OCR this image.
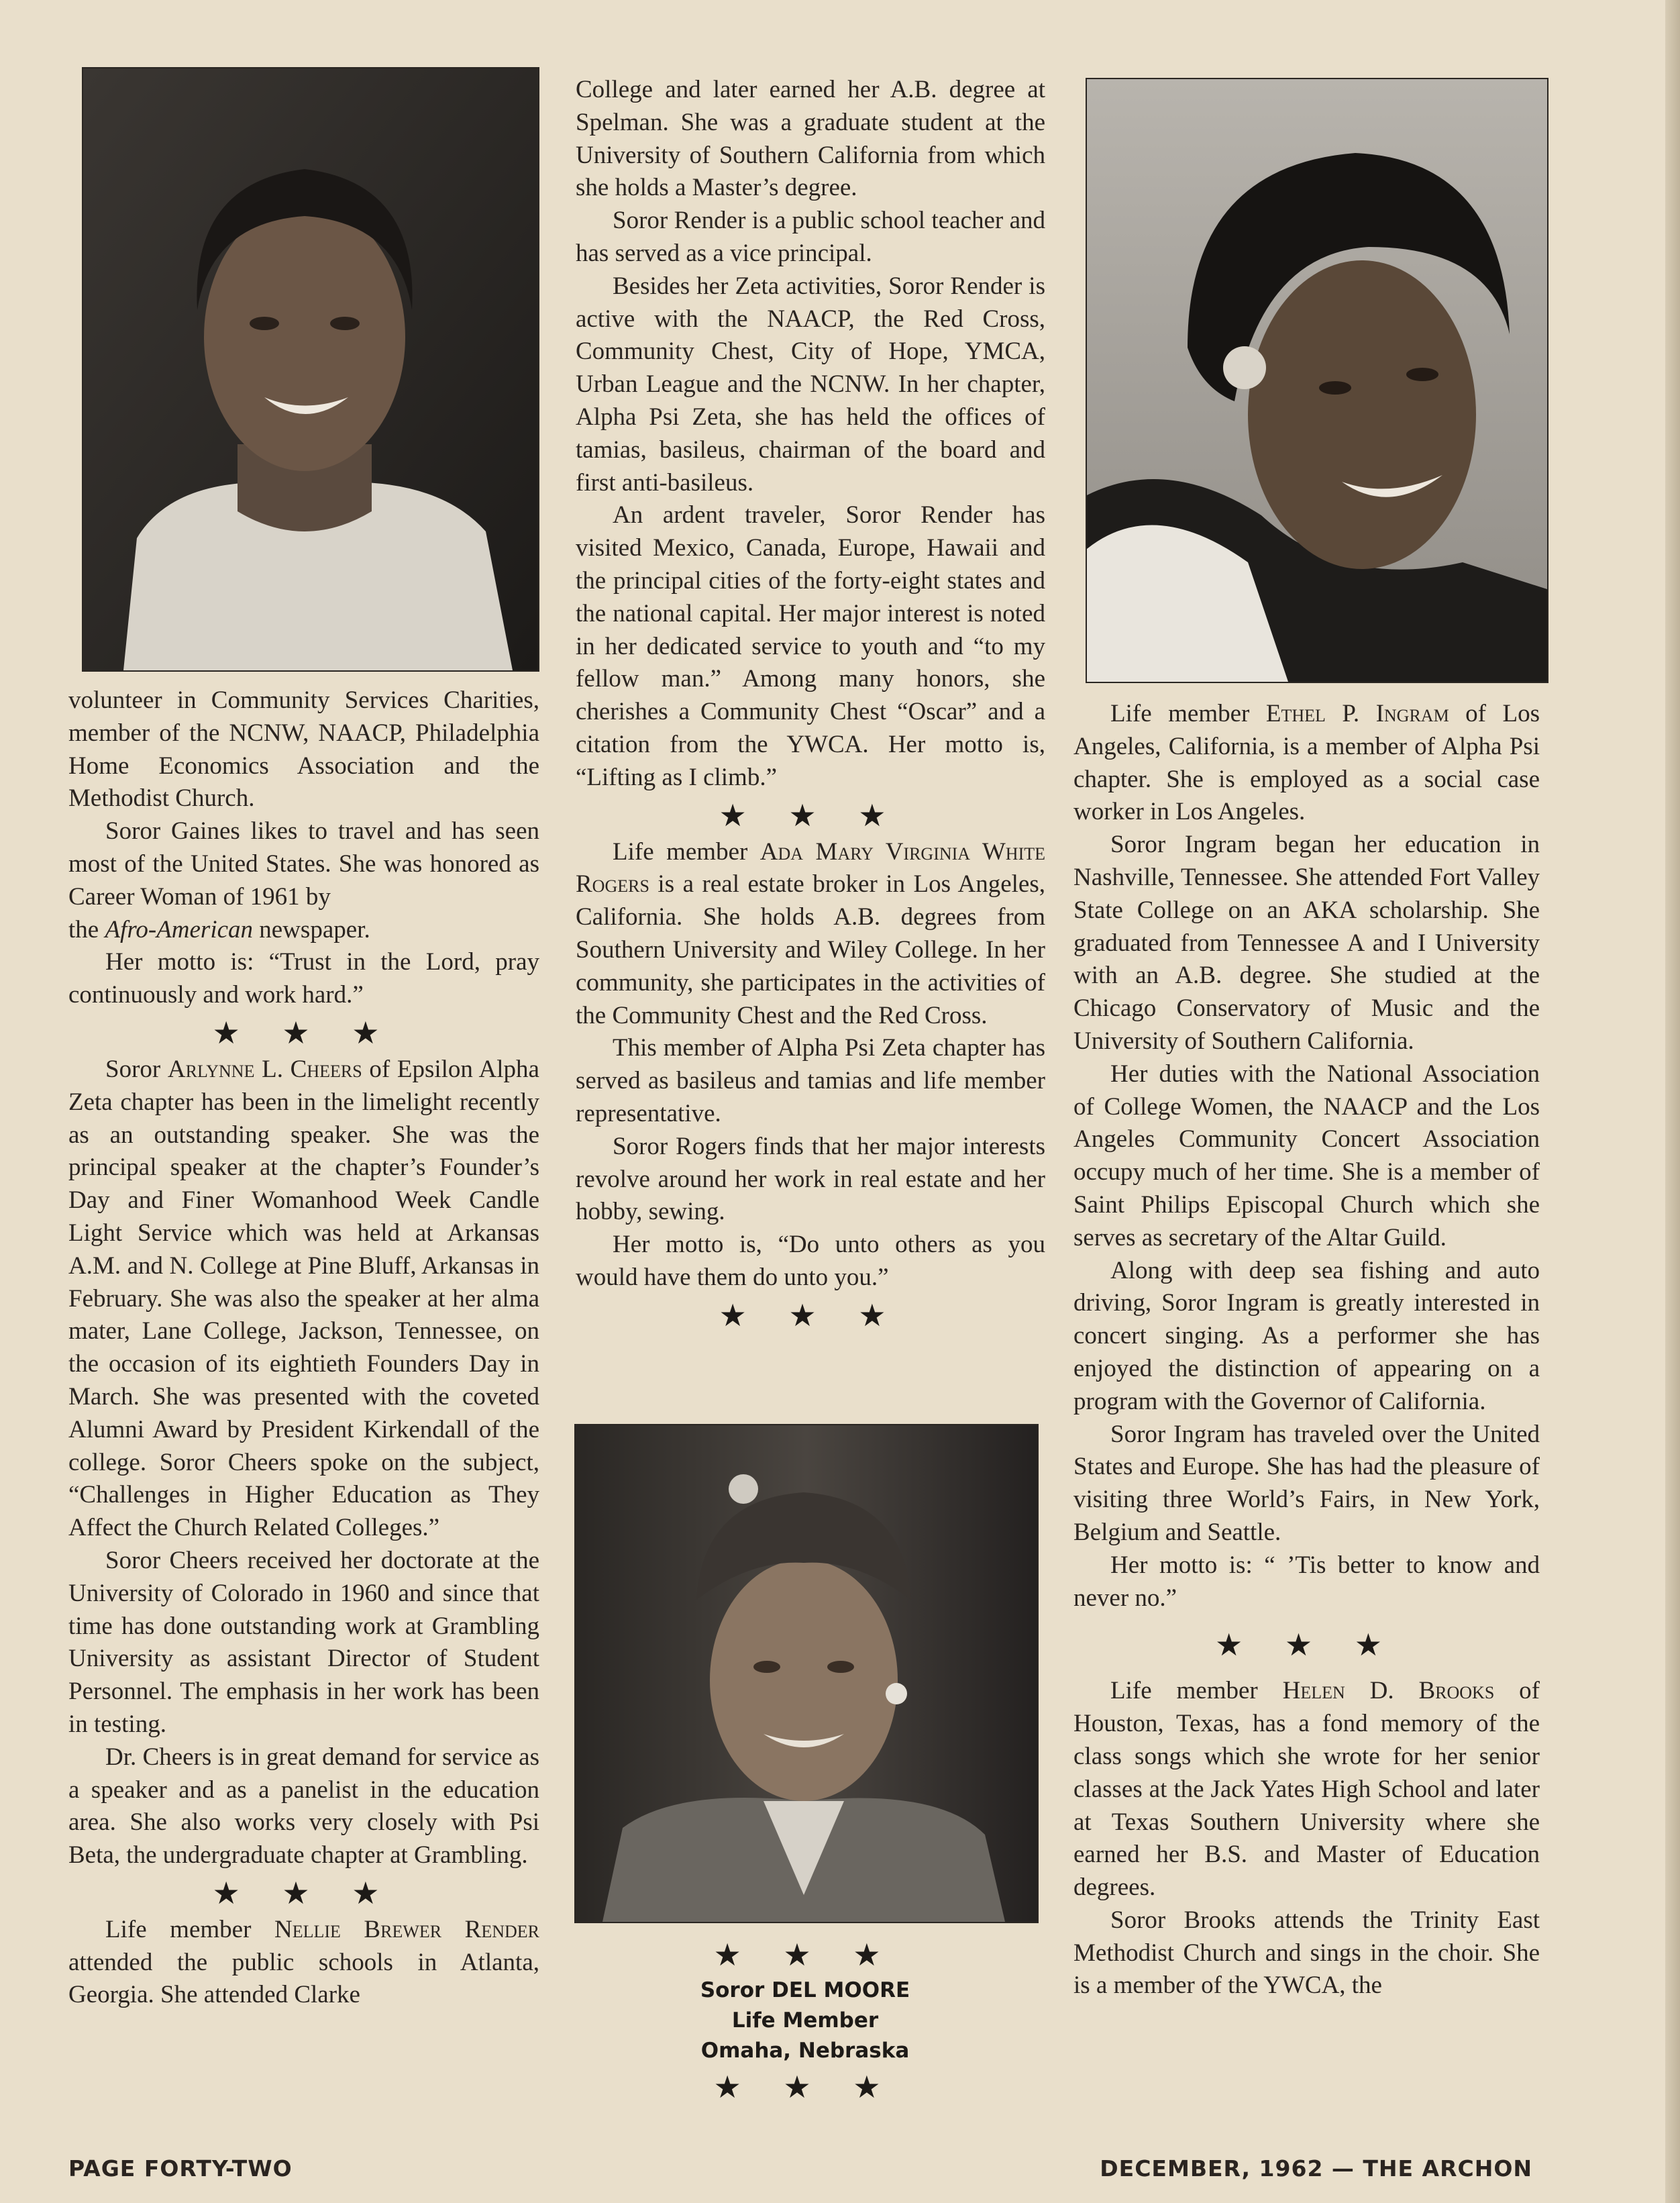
volunteer in Community Services Charities, member of the NCNW, NAACP, Philadelphia Home Economics Association and the Methodist Church.

Soror Gaines likes to travel and has seen most of the United States. She was honored as Career Woman of 1961 by

the Afro-American newspaper.

Her motto is: “Trust in the Lord, pray continuously and work hard.”

★ ★ ★

Soror Arlynne L. Cheers of Epsilon Alpha Zeta chapter has been in the limelight recently as an outstanding speaker. She was the principal speaker at the chapter’s Founder’s Day and Finer Womanhood Week Candle Light Service which was held at Arkansas A.M. and N. College at Pine Bluff, Arkansas in February. She was also the speaker at her alma mater, Lane College, Jackson, Tennessee, on the occasion of its eightieth Founders Day in March. She was presented with the coveted Alumni Award by President Kirkendall of the college. Soror Cheers spoke on the subject, “Challenges in Higher Education as They Affect the Church Related Colleges.”

Soror Cheers received her doctorate at the University of Colorado in 1960 and since that time has done outstanding work at Grambling University as assistant Director of Student Personnel. The emphasis in her work has been in testing.

Dr. Cheers is in great demand for service as a speaker and as a panelist in the education area. She also works very closely with Psi Beta, the undergraduate chapter at Grambling.

★ ★ ★

Life member Nellie Brewer Render attended the public schools in Atlanta, Georgia. She attended Clarke

College and later earned her A.B. degree at Spelman. She was a graduate student at the University of Southern California from which she holds a Master’s degree.

Soror Render is a public school teacher and has served as a vice principal.

Besides her Zeta activities, Soror Render is active with the NAACP, the Red Cross, Community Chest, City of Hope, YMCA, Urban League and the NCNW. In her chapter, Alpha Psi Zeta, she has held the offices of tamias, basileus, chairman of the board and first anti-basileus.

An ardent traveler, Soror Render has visited Mexico, Canada, Europe, Hawaii and the principal cities of the forty-eight states and the national capital. Her major interest is noted in her dedicated service to youth and “to my fellow man.” Among many honors, she cherishes a Community Chest “Oscar” and a citation from the YWCA. Her motto is, “Lifting as I climb.”

★ ★ ★

Life member Ada Mary Virginia White Rogers is a real estate broker in Los Angeles, California. She holds A.B. degrees from Southern University and Wiley College. In her community, she participates in the activities of the Community Chest and the Red Cross.

This member of Alpha Psi Zeta chapter has served as basileus and tamias and life member representative.

Soror Rogers finds that her major interests revolve around her work in real estate and her hobby, sewing.

Her motto is, “Do unto others as you would have them do unto you.”

★ ★ ★
★ ★ ★
Soror DEL MOORE
Life Member
Omaha, Nebraska
★ ★ ★

Life member Ethel P. Ingram of Los Angeles, California, is a member of Alpha Psi chapter. She is employed as a social case worker in Los Angeles.

Soror Ingram began her education in Nashville, Tennessee. She attended Fort Valley State College on an AKA scholarship. She graduated from Tennessee A and I University with an A.B. degree. She studied at the Chicago Conservatory of Music and the University of Southern California.

Her duties with the National Association of College Women, the NAACP and the Los Angeles Community Concert Association occupy much of her time. She is a member of Saint Philips Episcopal Church which she serves as secretary of the Altar Guild.

Along with deep sea fishing and auto driving, Soror Ingram is greatly interested in concert singing. As a performer she has enjoyed the distinction of appearing on a program with the Governor of California.

Soror Ingram has traveled over the United States and Europe. She has had the pleasure of visiting three World’s Fairs, in New York, Belgium and Seattle.

Her motto is: “ ’Tis better to know and never no.”

★ ★ ★

Life member Helen D. Brooks of Houston, Texas, has a fond memory of the class songs which she wrote for her senior classes at the Jack Yates High School and later at Texas Southern University where she earned her B.S. and Master of Education degrees.

Soror Brooks attends the Trinity East Methodist Church and sings in the choir. She is a member of the YWCA, the

PAGE FORTY-TWO	DECEMBER, 1962 — THE ARCHON
